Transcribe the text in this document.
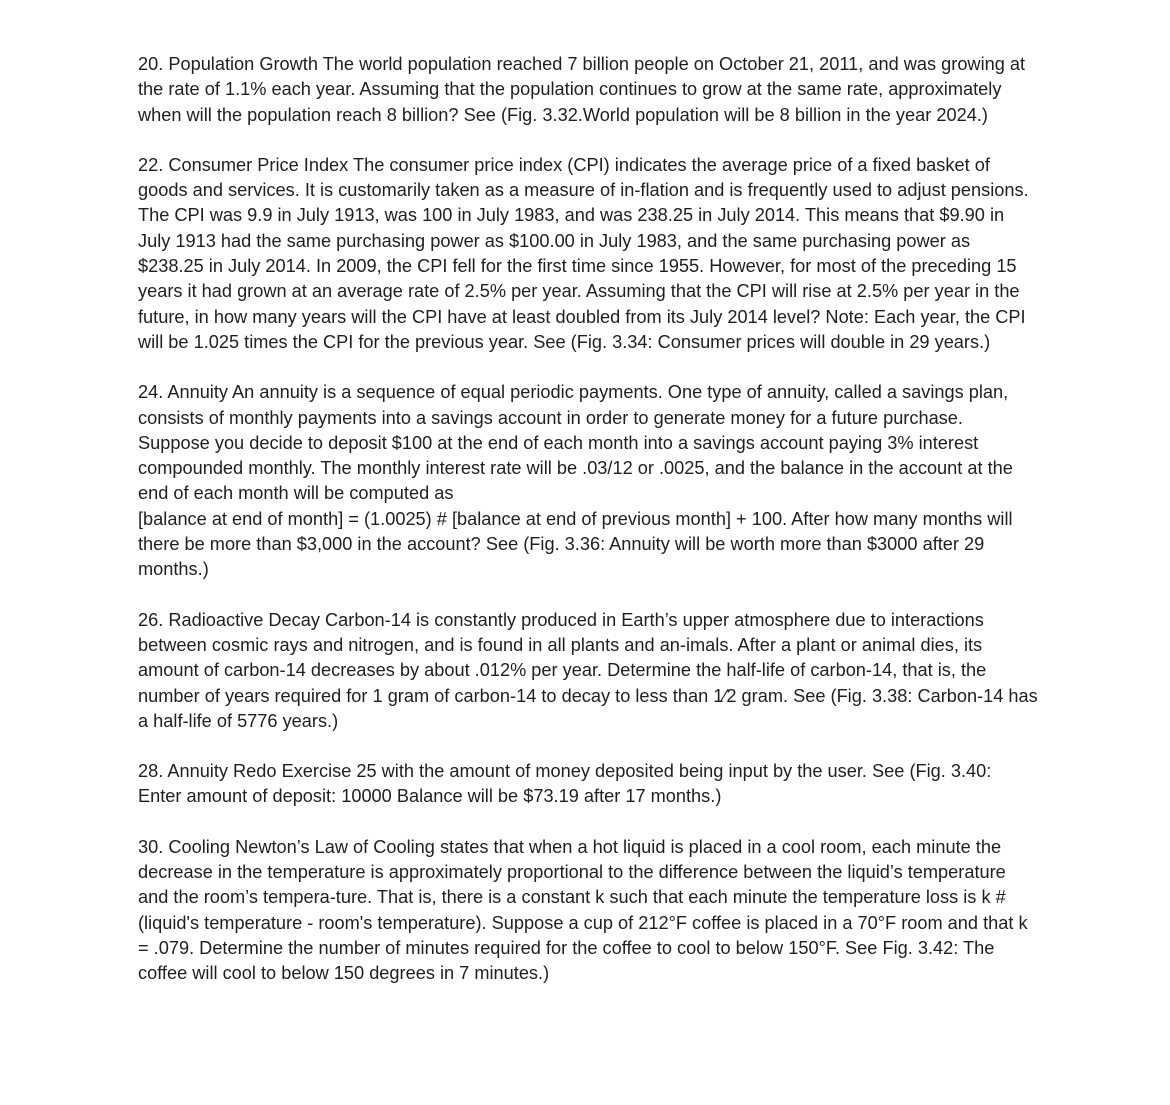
20. Population Growth The world population reached 7 billion people on October 21, 2011, and was growing at the rate of 1.1% each year. Assuming that the population continues to grow at the same rate, approximately when will the population reach 8 billion? See (Fig. 3.32.World population will be 8 billion in the year 2024.)

22. Consumer Price Index The consumer price index (CPI) indicates the average price of a fixed basket of goods and services. It is customarily taken as a measure of in-flation and is frequently used to adjust pensions. The CPI was 9.9 in July 1913, was 100 in July 1983, and was 238.25 in July 2014. This means that $9.90 in July 1913 had the same purchasing power as $100.00 in July 1983, and the same purchasing power as $238.25 in July 2014. In 2009, the CPI fell for the first time since 1955. However, for most of the preceding 15 years it had grown at an average rate of 2.5% per year. Assuming that the CPI will rise at 2.5% per year in the future, in how many years will the CPI have at least doubled from its July 2014 level? Note: Each year, the CPI will be 1.025 times the CPI for the previous year. See (Fig. 3.34: Consumer prices will double in 29 years.)

24. Annuity An annuity is a sequence of equal periodic payments. One type of annuity, called a savings plan, consists of monthly payments into a savings account in order to generate money for a future purchase. Suppose you decide to deposit $100 at the end of each month into a savings account paying 3% interest compounded monthly. The monthly interest rate will be .03/12 or .0025, and the balance in the account at the end of each month will be computed as

[balance at end of month] = (1.0025) # [balance at end of previous month] + 100. After how many months will there be more than $3,000 in the account? See (Fig. 3.36: Annuity will be worth more than $3000 after 29 months.)

26. Radioactive Decay Carbon-14 is constantly produced in Earth’s upper atmosphere due to interactions between cosmic rays and nitrogen, and is found in all plants and an-imals. After a plant or animal dies, its amount of carbon-14 decreases by about .012% per year. Determine the half-life of carbon-14, that is, the number of years required for 1 gram of carbon-14 to decay to less than 1⁄2 gram. See (Fig. 3.38: Carbon-14 has a half-life of 5776 years.)

28. Annuity Redo Exercise 25 with the amount of money deposited being input by the user. See (Fig. 3.40: Enter amount of deposit: 10000 Balance will be $73.19 after 17 months.)

30. Cooling Newton’s Law of Cooling states that when a hot liquid is placed in a cool room, each minute the decrease in the temperature is approximately proportional to the difference between the liquid’s temperature and the room’s tempera-ture. That is, there is a constant k such that each minute the temperature loss is k # (liquid's temperature - room's temperature). Suppose a cup of 212°F coffee is placed in a 70°F room and that k = .079. Determine the number of minutes required for the coffee to cool to below 150°F. See Fig. 3.42: The coffee will cool to below 150 degrees in 7 minutes.)
